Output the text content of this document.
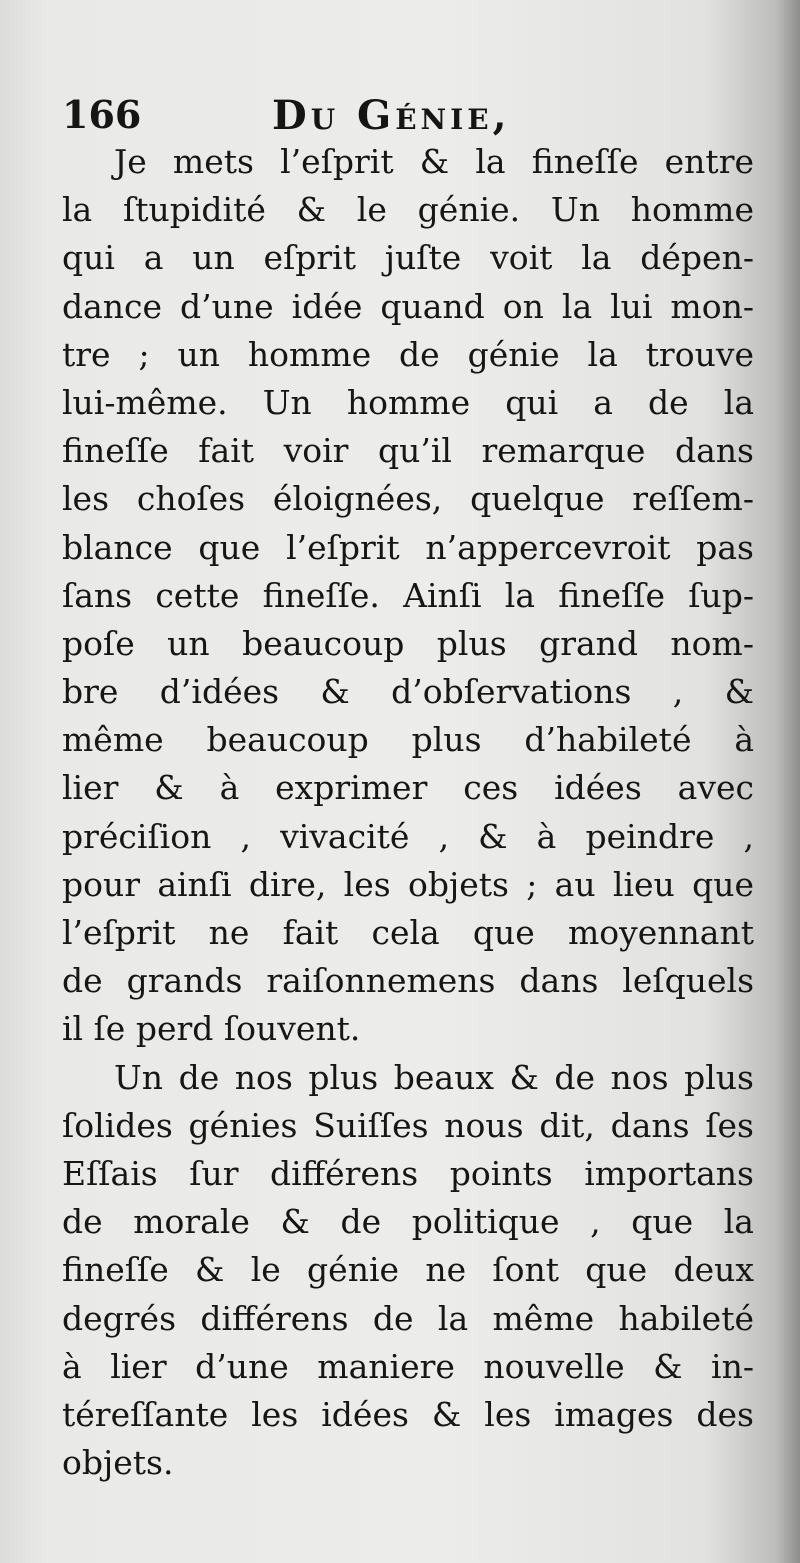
166	Du Génie,
Je mets l’eſprit & la fineſſe entre
la ſtupidité & le génie. Un homme
qui a un eſprit juſte voit la dépen-
dance d’une idée quand on la lui mon-
tre ; un homme de génie la trouve
lui-même. Un homme qui a de la
fineſſe fait voir qu’il remarque dans
les choſes éloignées, quelque reſſem-
blance que l’eſprit n’appercevroit pas
ſans cette fineſſe. Ainſi la fineſſe ſup-
poſe un beaucoup plus grand nom-
bre d’idées & d’obſervations , &
même beaucoup plus d’habileté à
lier & à exprimer ces idées avec
préciſion , vivacité , & à peindre ,
pour ainſi dire, les objets ; au lieu que
l’eſprit ne fait cela que moyennant
de grands raiſonnemens dans leſquels
il ſe perd ſouvent.
Un de nos plus beaux & de nos plus
ſolides génies Suiſſes nous dit, dans ſes
Eſſais ſur différens points importans
de morale & de politique , que la
fineſſe & le génie ne ſont que deux
degrés différens de la même habileté
à lier d’une maniere nouvelle & in-
téreſſante les idées & les images des
objets.
